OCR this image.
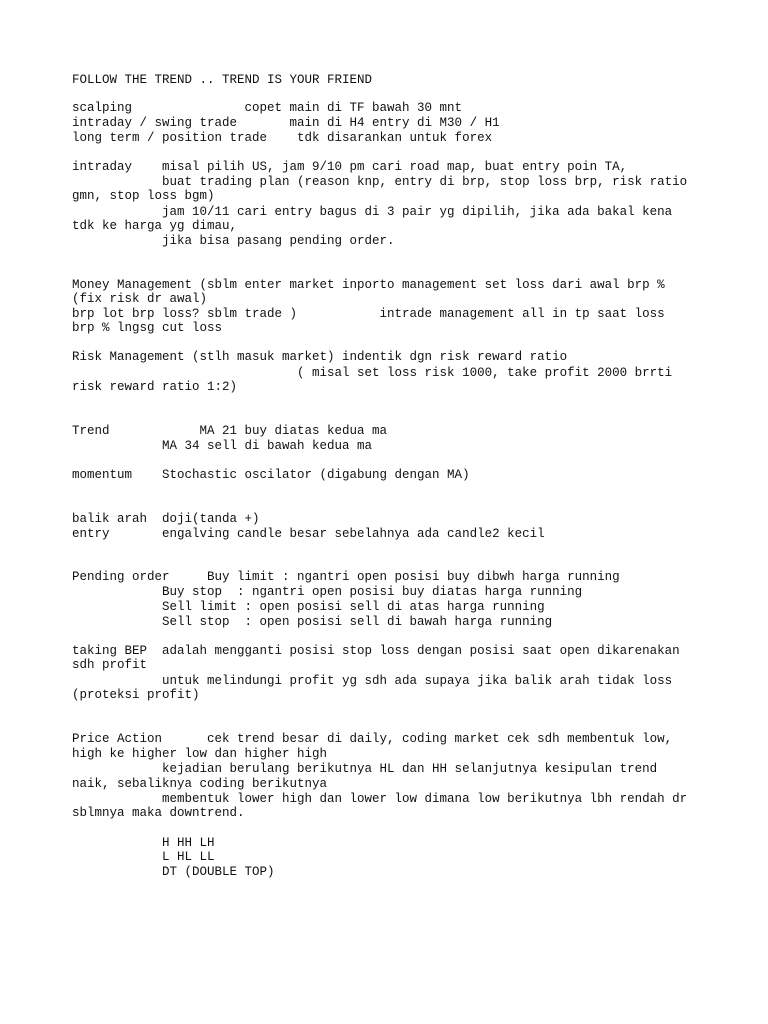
FOLLOW THE TREND .. TREND IS YOUR FRIEND

scalping               copet main di TF bawah 30 mnt

intraday / swing trade       main di H4 entry di M30 / H1

long term / position trade    tdk disarankan untuk forex

intraday    misal pilih US, jam 9/10 pm cari road map, buat entry poin TA,

buat trading plan (reason knp, entry di brp, stop loss brp, risk ratio

gmn, stop loss bgm)

jam 10/11 cari entry bagus di 3 pair yg dipilih, jika ada bakal kena

tdk ke harga yg dimau,

jika bisa pasang pending order.

Money Management (sblm enter market inporto management set loss dari awal brp %

(fix risk dr awal)

brp lot brp loss? sblm trade )           intrade management all in tp saat loss

brp % lngsg cut loss

Risk Management (stlh masuk market) indentik dgn risk reward ratio

( misal set loss risk 1000, take profit 2000 brrti

risk reward ratio 1:2)

Trend            MA 21 buy diatas kedua ma

MA 34 sell di bawah kedua ma

momentum    Stochastic oscilator (digabung dengan MA)

balik arah  doji(tanda +)

entry       engalving candle besar sebelahnya ada candle2 kecil

Pending order     Buy limit : ngantri open posisi buy dibwh harga running

Buy stop  : ngantri open posisi buy diatas harga running

Sell limit : open posisi sell di atas harga running

Sell stop  : open posisi sell di bawah harga running

taking BEP  adalah mengganti posisi stop loss dengan posisi saat open dikarenakan

sdh profit

untuk melindungi profit yg sdh ada supaya jika balik arah tidak loss

(proteksi profit)

Price Action      cek trend besar di daily, coding market cek sdh membentuk low,

high ke higher low dan higher high

kejadian berulang berikutnya HL dan HH selanjutnya kesipulan trend

naik, sebaliknya coding berikutnya

membentuk lower high dan lower low dimana low berikutnya lbh rendah dr

sblmnya maka downtrend.

H HH LH

L HL LL

DT (DOUBLE TOP)
